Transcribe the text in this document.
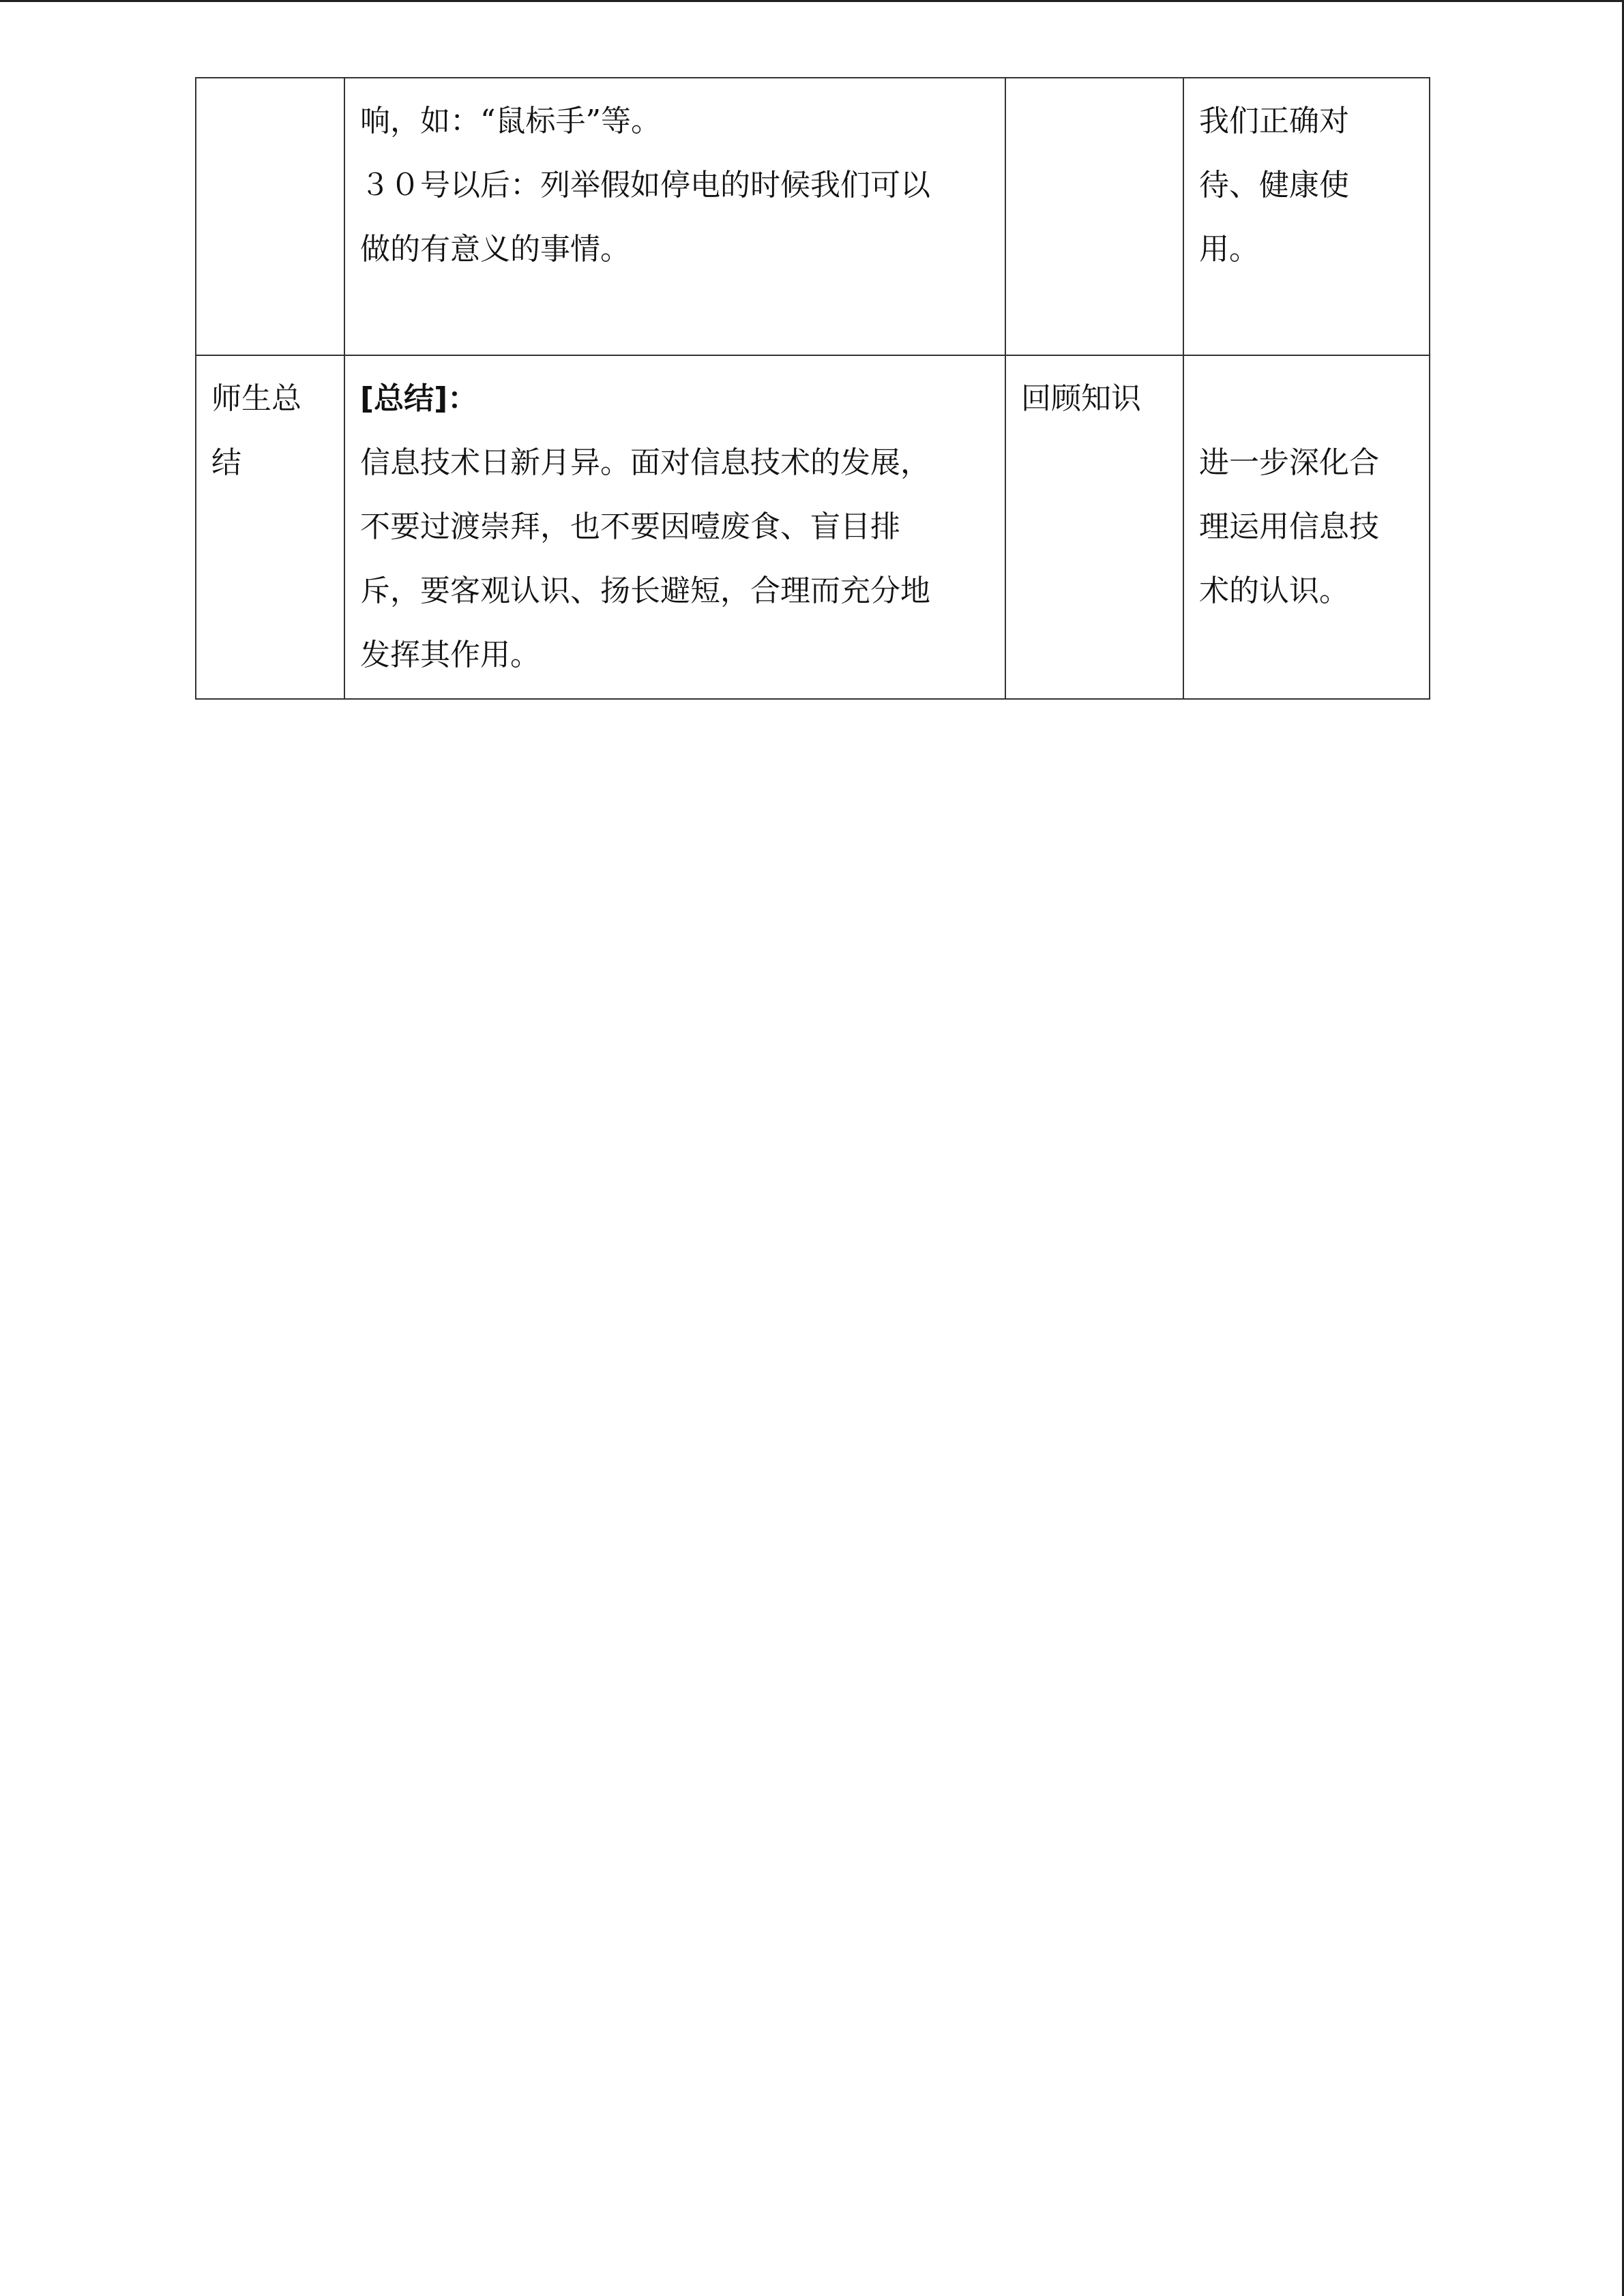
	响，如：“鼠标手”等。
３０号以后：列举假如停电的时候我们可以
做的有意义的事情。		我们正确对
待、健康使
用。

师生总
结	[总结]：
信息技术日新月异。面对信息技术的发展，
不要过渡崇拜，也不要因噎废食、盲目排
斥，要客观认识、扬长避短，合理而充分地
发挥其作用。	回顾知识	进一步深化合
理运用信息技
术的认识。
